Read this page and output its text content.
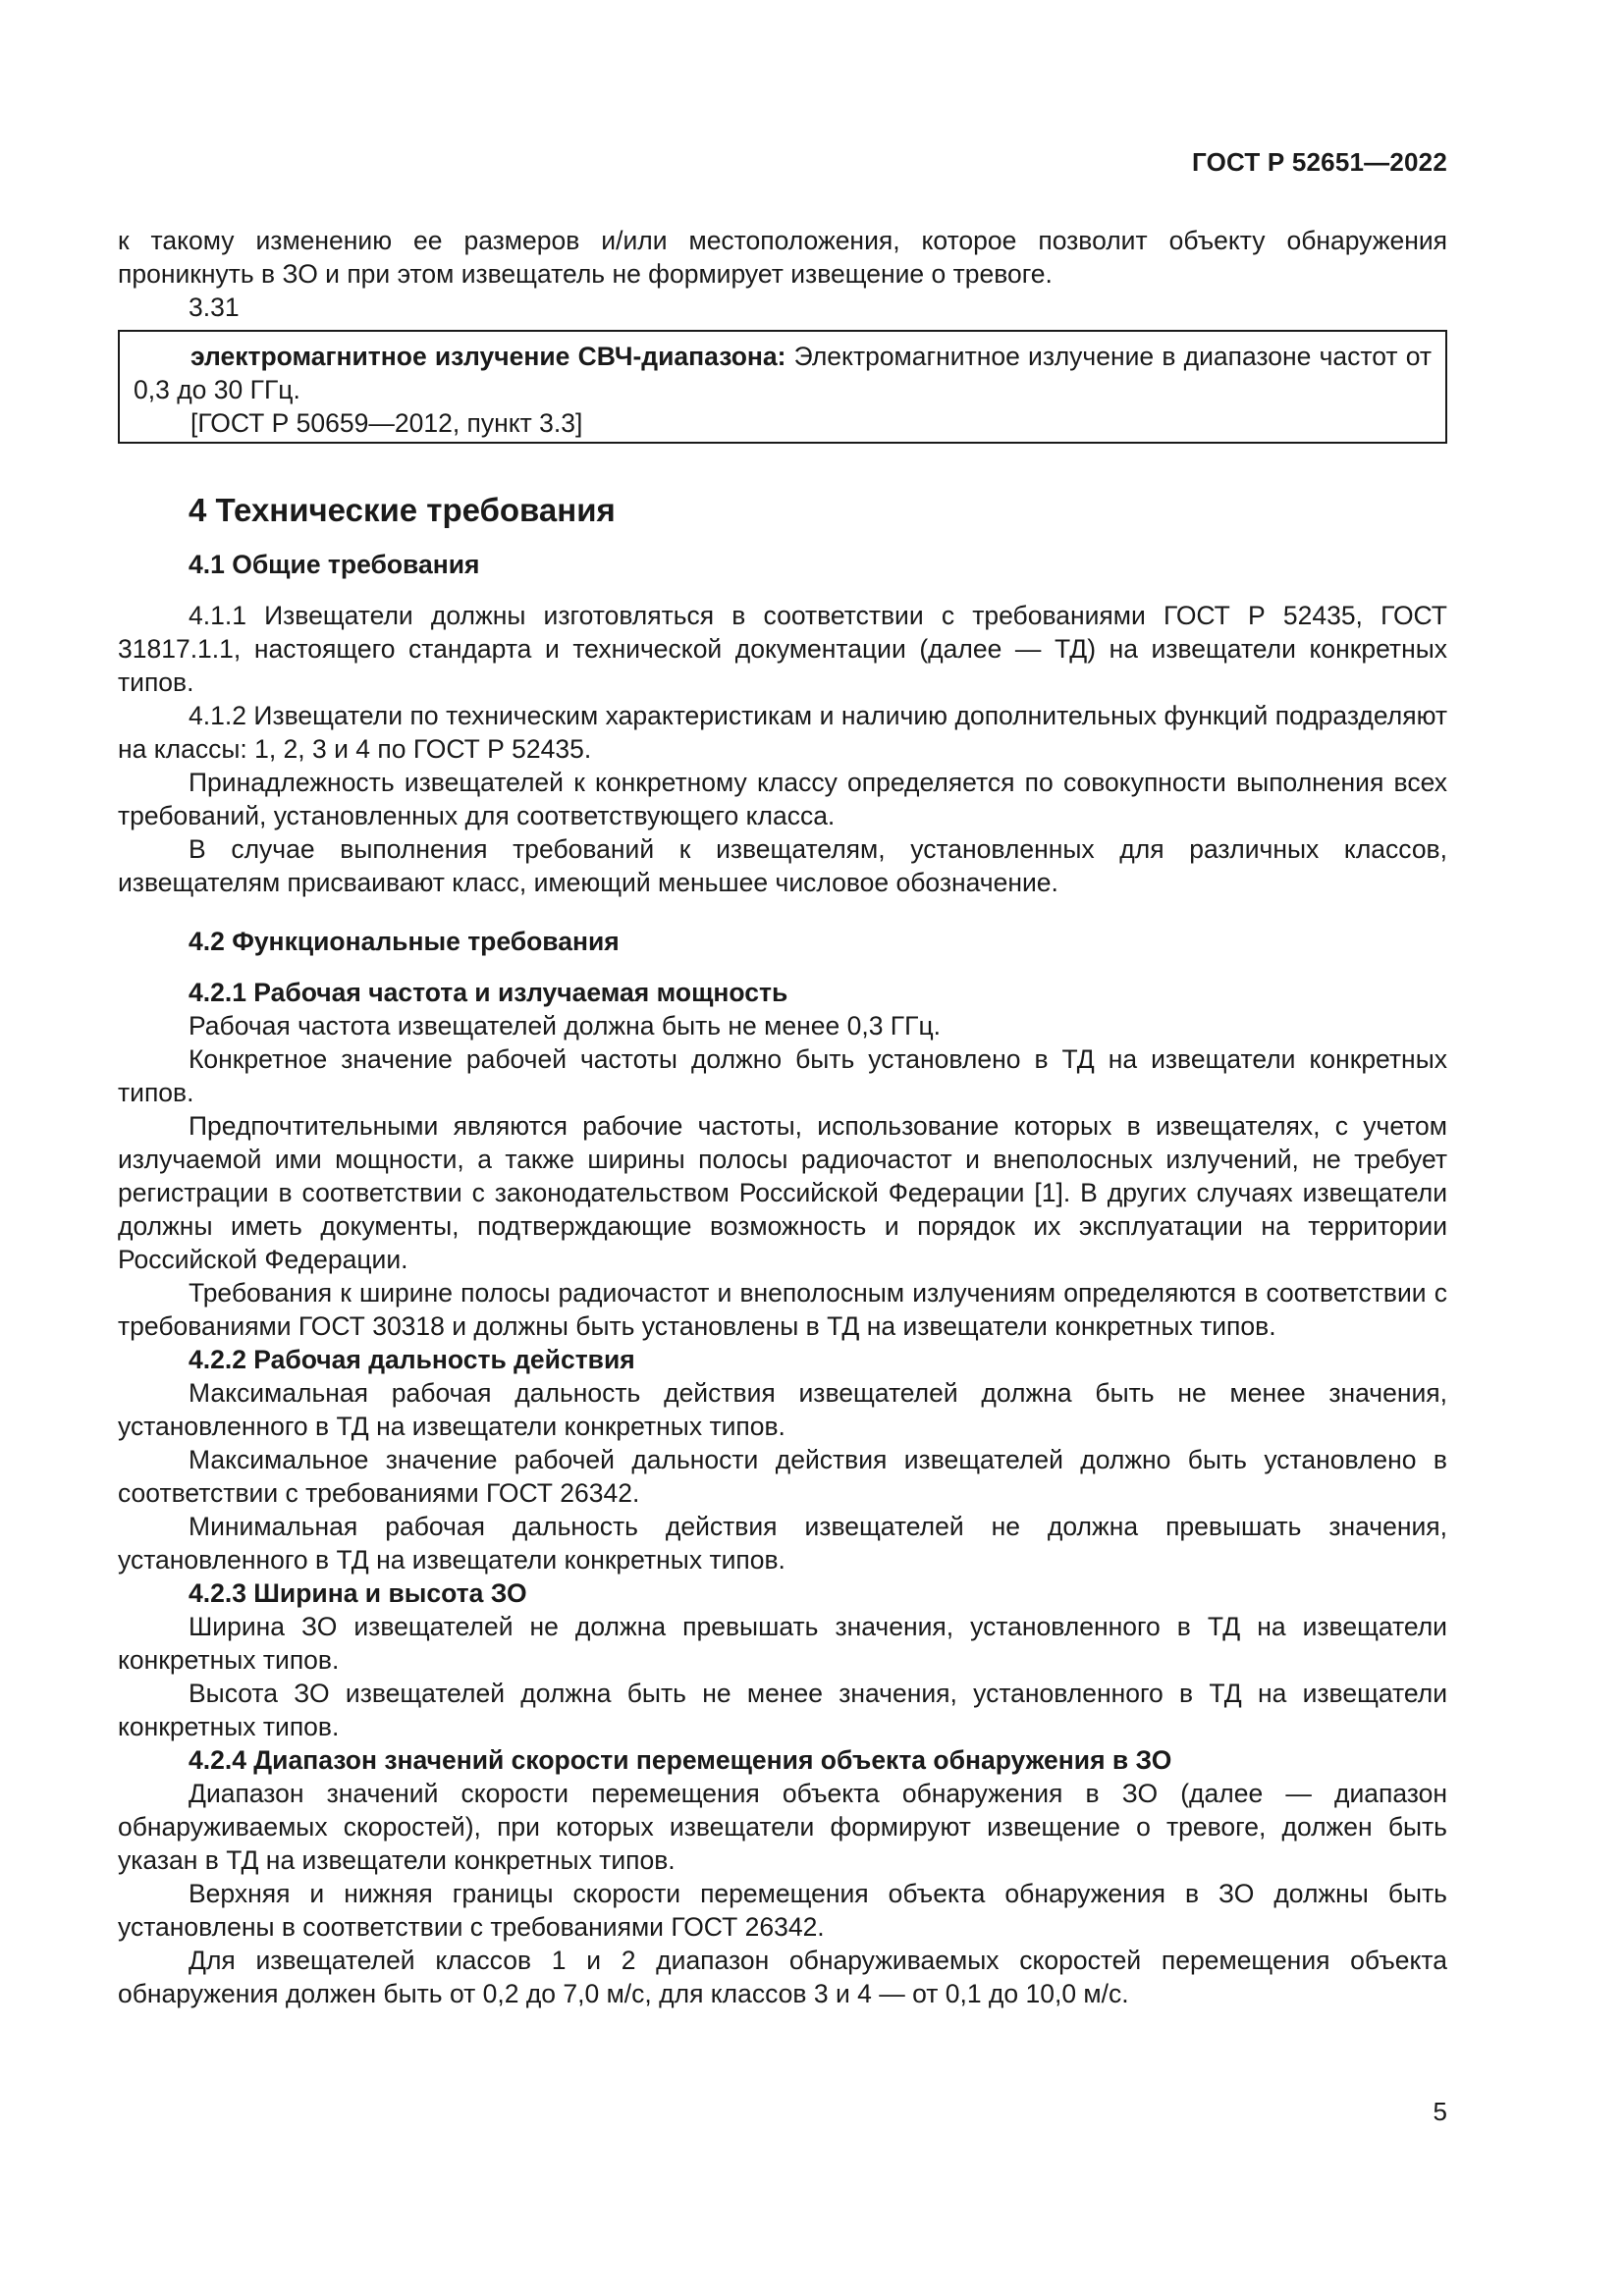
ГОСТ Р 52651—2022

к такому изменению ее размеров и/или местоположения, которое позволит объекту обнаружения проникнуть в ЗО и при этом извещатель не формирует извещение о тревоге.

3.31

электромагнитное излучение СВЧ-диапазона: Электромагнитное излучение в диапазоне частот от 0,3 до 30 ГГц.

[ГОСТ Р 50659—2012, пункт 3.3]

4 Технические требования
4.1 Общие требования

4.1.1 Извещатели должны изготовляться в соответствии с требованиями ГОСТ Р 52435, ГОСТ 31817.1.1, настоящего стандарта и технической документации (далее — ТД) на извещатели конкретных типов.

4.1.2 Извещатели по техническим характеристикам и наличию дополнительных функций подразделяют на классы: 1, 2, 3 и 4 по ГОСТ Р 52435.

Принадлежность извещателей к конкретному классу определяется по совокупности выполнения всех требований, установленных для соответствующего класса.

В случае выполнения требований к извещателям, установленных для различных классов, извещателям присваивают класс, имеющий меньшее числовое обозначение.

4.2 Функциональные требования
4.2.1 Рабочая частота и излучаемая мощность

Рабочая частота извещателей должна быть не менее 0,3 ГГц.

Конкретное значение рабочей частоты должно быть установлено в ТД на извещатели конкретных типов.

Предпочтительными являются рабочие частоты, использование которых в извещателях, с учетом излучаемой ими мощности, а также ширины полосы радиочастот и внеполосных излучений, не требует регистрации в соответствии с законодательством Российской Федерации [1]. В других случаях извещатели должны иметь документы, подтверждающие возможность и порядок их эксплуатации на территории Российской Федерации.

Требования к ширине полосы радиочастот и внеполосным излучениям определяются в соответствии с требованиями ГОСТ 30318 и должны быть установлены в ТД на извещатели конкретных типов.

4.2.2 Рабочая дальность действия

Максимальная рабочая дальность действия извещателей должна быть не менее значения, установленного в ТД на извещатели конкретных типов.

Максимальное значение рабочей дальности действия извещателей должно быть установлено в соответствии с требованиями ГОСТ 26342.

Минимальная рабочая дальность действия извещателей не должна превышать значения, установленного в ТД на извещатели конкретных типов.

4.2.3 Ширина и высота ЗО

Ширина ЗО извещателей не должна превышать значения, установленного в ТД на извещатели конкретных типов.

Высота ЗО извещателей должна быть не менее значения, установленного в ТД на извещатели конкретных типов.

4.2.4 Диапазон значений скорости перемещения объекта обнаружения в ЗО

Диапазон значений скорости перемещения объекта обнаружения в ЗО (далее — диапазон обнаруживаемых скоростей), при которых извещатели формируют извещение о тревоге, должен быть указан в ТД на извещатели конкретных типов.

Верхняя и нижняя границы скорости перемещения объекта обнаружения в ЗО должны быть установлены в соответствии с требованиями ГОСТ 26342.

Для извещателей классов 1 и 2 диапазон обнаруживаемых скоростей перемещения объекта обнаружения должен быть от 0,2 до 7,0 м/с, для классов 3 и 4 — от 0,1 до 10,0 м/с.

5
